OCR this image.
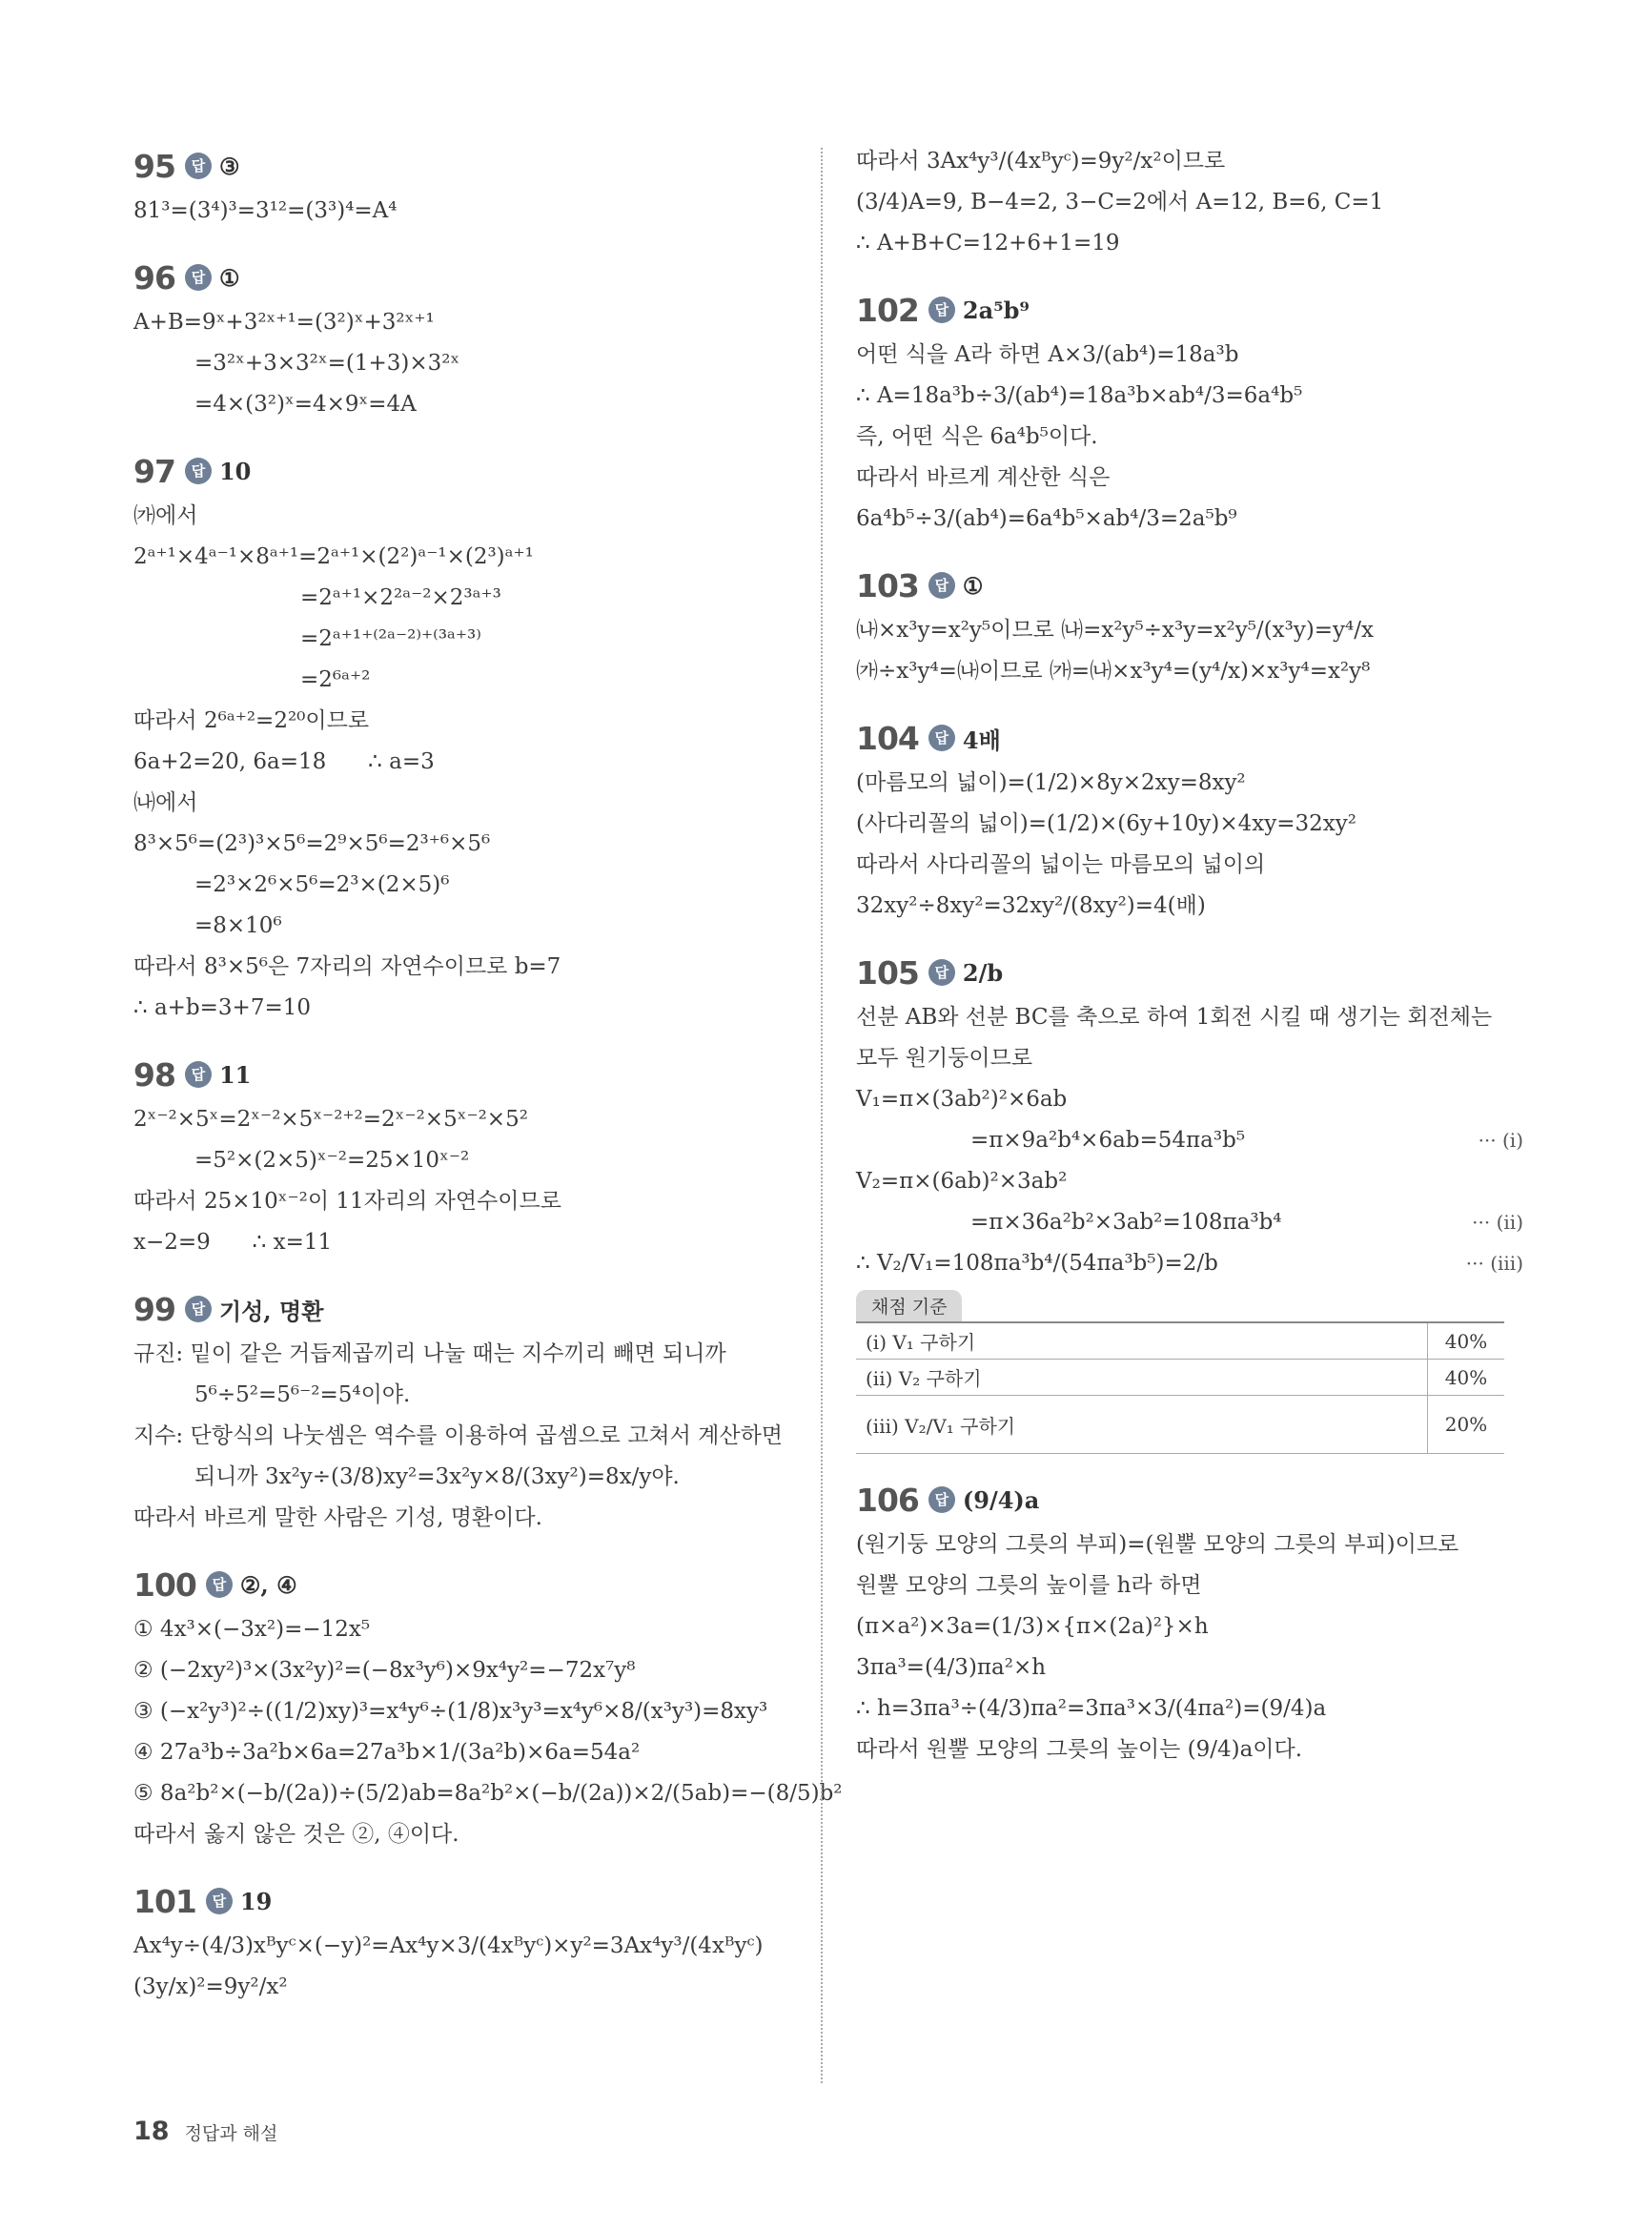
95	답 ③
81³=(3⁴)³=3¹²=(3³)⁴=A⁴
96	답 ①
A+B=9ˣ+3²ˣ⁺¹=(3²)ˣ+3²ˣ⁺¹
=3²ˣ+3×3²ˣ=(1+3)×3²ˣ
=4×(3²)ˣ=4×9ˣ=4A
97	답 10
㈎에서
2ᵃ⁺¹×4ᵃ⁻¹×8ᵃ⁺¹=2ᵃ⁺¹×(2²)ᵃ⁻¹×(2³)ᵃ⁺¹
=2ᵃ⁺¹×2²ᵃ⁻²×2³ᵃ⁺³
=2ᵃ⁺¹⁺⁽²ᵃ⁻²⁾⁺⁽³ᵃ⁺³⁾
=2⁶ᵃ⁺²
따라서 2⁶ᵃ⁺²=2²⁰이므로
6a+2=20, 6a=18      ∴ a=3
㈏에서
8³×5⁶=(2³)³×5⁶=2⁹×5⁶=2³⁺⁶×5⁶
=2³×2⁶×5⁶=2³×(2×5)⁶
=8×10⁶
따라서 8³×5⁶은 7자리의 자연수이므로 b=7
∴ a+b=3+7=10
98	답 11
2ˣ⁻²×5ˣ=2ˣ⁻²×5ˣ⁻²⁺²=2ˣ⁻²×5ˣ⁻²×5²
=5²×(2×5)ˣ⁻²=25×10ˣ⁻²
따라서 25×10ˣ⁻²이 11자리의 자연수이므로
x−2=9      ∴ x=11
99	답 기성, 명환
규진: 밑이 같은 거듭제곱끼리 나눌 때는 지수끼리 빼면 되니까
5⁶÷5²=5⁶⁻²=5⁴이야.
지수: 단항식의 나눗셈은 역수를 이용하여 곱셈으로 고쳐서 계산하면
되니까 3x²y÷(3/8)xy²=3x²y×8/(3xy²)=8x/y야.
따라서 바르게 말한 사람은 기성, 명환이다.
100	답 ②, ④
① 4x³×(−3x²)=−12x⁵
② (−2xy²)³×(3x²y)²=(−8x³y⁶)×9x⁴y²=−72x⁷y⁸
③ (−x²y³)²÷((1/2)xy)³=x⁴y⁶÷(1/8)x³y³=x⁴y⁶×8/(x³y³)=8xy³
④ 27a³b÷3a²b×6a=27a³b×1/(3a²b)×6a=54a²
⑤ 8a²b²×(−b/(2a))÷(5/2)ab=8a²b²×(−b/(2a))×2/(5ab)=−(8/5)b²
따라서 옳지 않은 것은 ②, ④이다.
101	답 19
Ax⁴y÷(4/3)xᴮyᶜ×(−y)²=Ax⁴y×3/(4xᴮyᶜ)×y²=3Ax⁴y³/(4xᴮyᶜ)
(3y/x)²=9y²/x²
따라서 3Ax⁴y³/(4xᴮyᶜ)=9y²/x²이므로
(3/4)A=9, B−4=2, 3−C=2에서 A=12, B=6, C=1
∴ A+B+C=12+6+1=19
102	답 2a⁵b⁹
어떤 식을 A라 하면 A×3/(ab⁴)=18a³b
∴ A=18a³b÷3/(ab⁴)=18a³b×ab⁴/3=6a⁴b⁵
즉, 어떤 식은 6a⁴b⁵이다.
따라서 바르게 계산한 식은
6a⁴b⁵÷3/(ab⁴)=6a⁴b⁵×ab⁴/3=2a⁵b⁹
103	답 ①
㈏×x³y=x²y⁵이므로 ㈏=x²y⁵÷x³y=x²y⁵/(x³y)=y⁴/x
㈎÷x³y⁴=㈏이므로 ㈎=㈏×x³y⁴=(y⁴/x)×x³y⁴=x²y⁸
104	답 4배
(마름모의 넓이)=(1/2)×8y×2xy=8xy²
(사다리꼴의 넓이)=(1/2)×(6y+10y)×4xy=32xy²
따라서 사다리꼴의 넓이는 마름모의 넓이의
32xy²÷8xy²=32xy²/(8xy²)=4(배)
105	답 2/b
선분 AB와 선분 BC를 축으로 하여 1회전 시킬 때 생기는 회전체는
모두 원기둥이므로
V₁=π×(3ab²)²×6ab
=π×9a²b⁴×6ab=54πa³b⁵	··· (i)
V₂=π×(6ab)²×3ab²
=π×36a²b²×3ab²=108πa³b⁴	··· (ii)
∴ V₂/V₁=108πa³b⁴/(54πa³b⁵)=2/b	··· (iii)
채점 기준
(i) V₁ 구하기	40%
(ii) V₂ 구하기	40%
(iii) V₂/V₁ 구하기	20%
106	답 (9/4)a
(원기둥 모양의 그릇의 부피)=(원뿔 모양의 그릇의 부피)이므로
원뿔 모양의 그릇의 높이를 h라 하면
(π×a²)×3a=(1/3)×{π×(2a)²}×h
3πa³=(4/3)πa²×h
∴ h=3πa³÷(4/3)πa²=3πa³×3/(4πa²)=(9/4)a
따라서 원뿔 모양의 그릇의 높이는 (9/4)a이다.
18 정답과 해설
